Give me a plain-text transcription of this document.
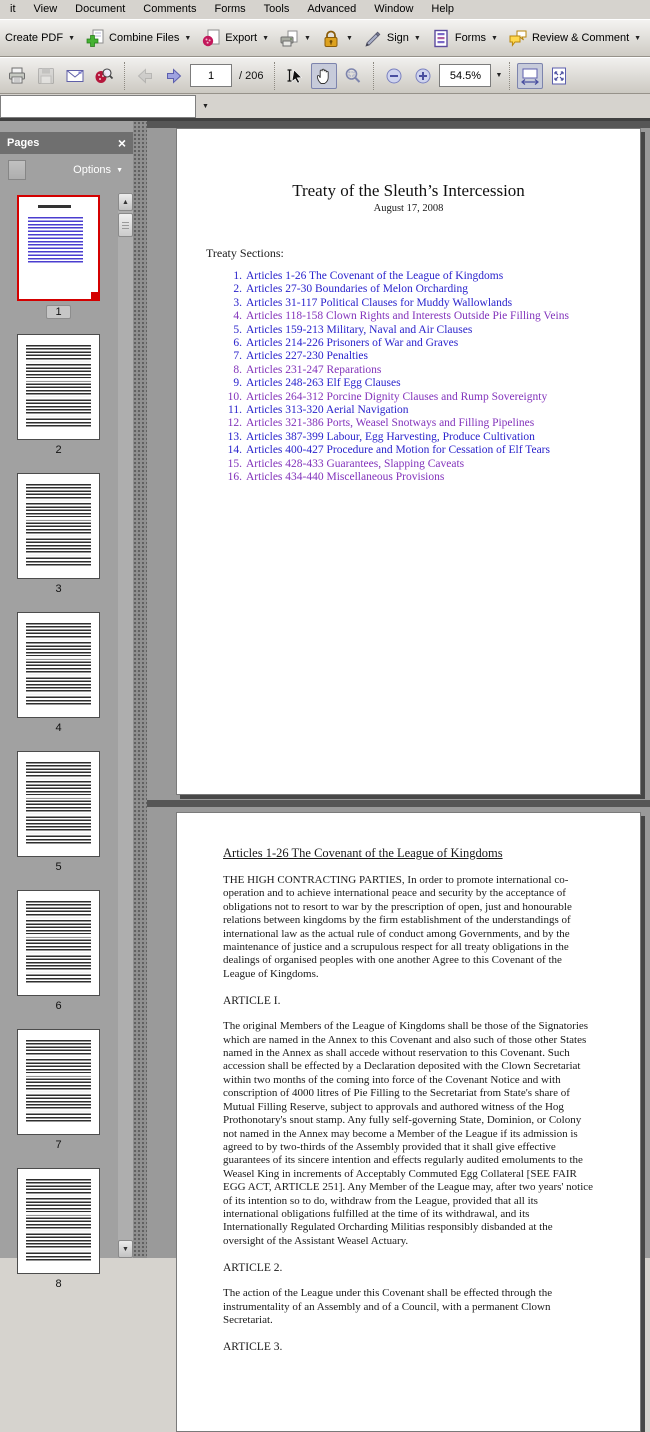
it	View	Document	Comments	Forms	Tools	Advanced	Window	Help
Create PDF ▼	Combine Files ▼	Export ▼	▼	▼	Sign ▼	Forms ▼	Review & Comment ▼
1
/ 206
54.5%	▼
▼
Pages	×
Options ▼
1
2
3
4
5
6
7
8
▲
▼
Treaty of the Sleuth’s Intercession
August 17, 2008
Treaty Sections:
1. Articles 1-26 The Covenant of the League of Kingdoms
2. Articles 27-30 Boundaries of Melon Orcharding
3. Articles 31-117 Political Clauses for Muddy Wallowlands
4. Articles 118-158 Clown Rights and Interests Outside Pie Filling Veins
5. Articles 159-213 Military, Naval and Air Clauses
6. Articles 214-226 Prisoners of War and Graves
7. Articles 227-230 Penalties
8. Articles 231-247 Reparations
9. Articles 248-263 Elf Egg Clauses
10. Articles 264-312 Porcine Dignity Clauses and Rump Sovereignty
11. Articles 313-320 Aerial Navigation
12. Articles 321-386 Ports, Weasel Snotways and Filling Pipelines
13. Articles 387-399 Labour, Egg Harvesting, Produce Cultivation
14. Articles 400-427 Procedure and Motion for Cessation of Elf Tears
15. Articles 428-433 Guarantees, Slapping Caveats
16. Articles 434-440 Miscellaneous Provisions
Articles 1-26 The Covenant of the League of Kingdoms
THE HIGH CONTRACTING PARTIES, In order to promote international co-operation and to achieve international peace and security by the acceptance of obligations not to resort to war by the prescription of open, just and honourable relations between kingdoms by the firm establishment of the understandings of international law as the actual rule of conduct among Governments, and by the maintenance of justice and a scrupulous respect for all treaty obligations in the dealings of organised peoples with one another Agree to this Covenant of the League of Kingdoms.
ARTICLE I.
The original Members of the League of Kingdoms shall be those of the Signatories which are named in the Annex to this Covenant and also such of those other States named in the Annex as shall accede without reservation to this Covenant. Such accession shall be effected by a Declaration deposited with the Clown Secretariat within two months of the coming into force of the Covenant Notice and with conscription of 4000 litres of Pie Filling to the Secretariat from State's share of Mutual Filling Reserve, subject to approvals and authored witness of the Hog Prothonotary's snout stamp. Any fully self-governing State, Dominion, or Colony not named in the Annex may become a Member of the League if its admission is agreed to by two-thirds of the Assembly provided that it shall give effective guarantees of its sincere intention and effects regularly audited emoluments to the Weasel King in increments of Acceptably Commuted Egg Collateral [SEE FAIR EGG ACT, ARTICLE 251]. Any Member of the League may, after two years' notice of its intention so to do, withdraw from the League, provided that all its international obligations fulfilled at the time of its withdrawal, and its Internationally Regulated Orcharding Militias responsibly disbanded at the oversight of the Assistant Weasel Actuary.
ARTICLE 2.
The action of the League under this Covenant shall be effected through the instrumentality of an Assembly and of a Council, with a permanent Clown Secretariat.
ARTICLE 3.
